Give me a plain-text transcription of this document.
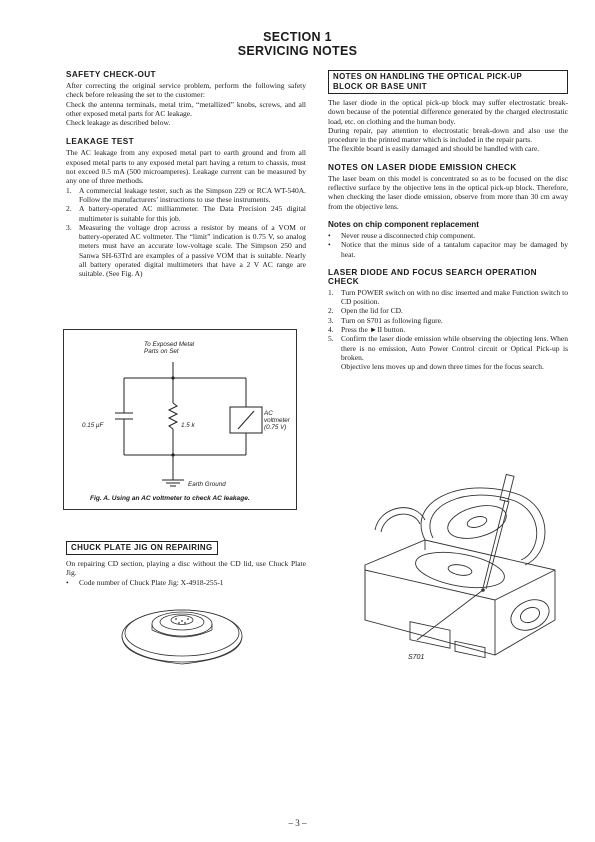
SECTION 1
SERVICING NOTES

SAFETY CHECK-OUT

After correcting the original service problem, perform the following safety check before releasing the set to the customer:

Check the antenna terminals, metal trim, “metallized” knobs, screws, and all other exposed metal parts for AC leakage.

Check leakage as described below.

LEAKAGE TEST

The AC leakage from any exposed metal part to earth ground and from all exposed metal parts to any exposed metal part having a return to chassis, must not exceed 0.5 mA (500 microamperes). Leakage current can be measured by any one of three methods.

1. A commercial leakage tester, such as the Simpson 229 or RCA WT-540A. Follow the manufacturers’ instructions to use these instruments.
2. A battery-operated AC milliammeter. The Data Precision 245 digital multimeter is suitable for this job.
3. Measuring the voltage drop across a resistor by means of a VOM or battery-operated AC voltmeter. The “limit” indication is 0.75 V, so analog meters must have an accurate low-voltage scale. The Simpson 250 and Sanwa SH-63Trd are examples of a passive VOM that is suitable. Nearly all battery operated digital multimeters that have a 2 V AC range are suitable. (See Fig. A)
To Exposed Metal
Parts on Set
0.15 μF	1.5 k
AC
voltmeter
(0.75 V)
Earth Ground
Fig. A. Using an AC voltmeter to check AC leakage.
CHUCK PLATE JIG ON REPAIRING

On repairing CD section, playing a disc without the CD lid, use Chuck Plate Jig.

• Code number of Chuck Plate Jig: X-4918-255-1
NOTES ON HANDLING THE OPTICAL PICK-UP
BLOCK OR BASE UNIT

The laser diode in the optical pick-up block may suffer electrostatic break-down because of the potential difference generated by the charged electrostatic load, etc. on clothing and the human body.

During repair, pay attention to electrostatic break-down and also use the procedure in the printed matter which is included in the repair parts.

The flexible board is easily damaged and should be handled with care.

NOTES ON LASER DIODE EMISSION CHECK

The laser beam on this model is concentrated so as to be focused on the disc reflective surface by the objective lens in the optical pick-up block. Therefore, when checking the laser diode emission, observe from more than 30 cm away from the objective lens.

Notes on chip component replacement

• Never reuse a disconnected chip component.
• Notice that the minus side of a tantalum capacitor may be damaged by heat.

LASER DIODE AND FOCUS SEARCH OPERATION
CHECK

1. Turn POWER switch on with no disc inserted and make Function switch to CD position.
2. Open the lid for CD.
3. Turn on S701 as following figure.
4. Press the ►II button.
5. Confirm the laser diode emission while observing the objecting lens. When there is no emission, Auto Power Control circuit or Optical Pick-up is broken.

Objective lens moves up and down three times for the focus search.

S701
– 3 –
